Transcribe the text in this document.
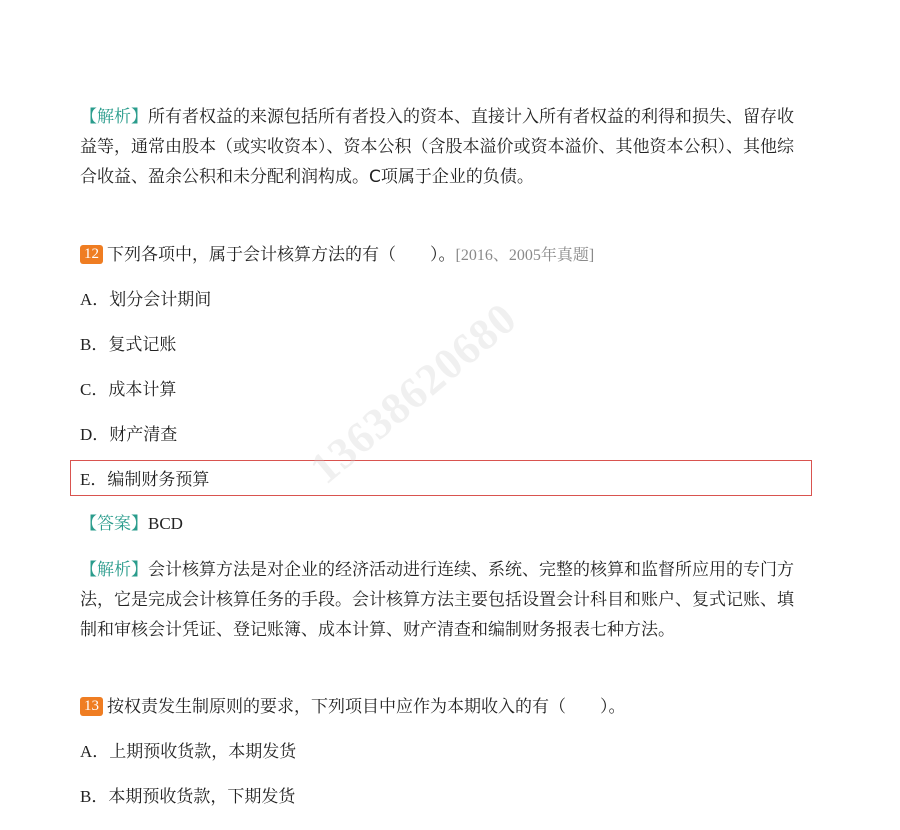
【解析】所有者权益的来源包括所有者投入的资本、直接计入所有者权益的利得和损失、留存收益等，通常由股本（或实收资本）、资本公积（含股本溢价或资本溢价、其他资本公积）、其他综合收益、盈余公积和未分配利润构成。C项属于企业的负债。

12 下列各项中，属于会计核算方法的有（　　）。[2016、2005年真题]
A．划分会计期间
B．复式记账
C．成本计算
D．财产清查
E．编制财务预算
【答案】BCD

【解析】会计核算方法是对企业的经济活动进行连续、系统、完整的核算和监督所应用的专门方法，它是完成会计核算任务的手段。会计核算方法主要包括设置会计科目和账户、复式记账、填制和审核会计凭证、登记账簿、成本计算、财产清查和编制财务报表七种方法。

13 按权责发生制原则的要求，下列项目中应作为本期收入的有（　　）。
A．上期预收货款，本期发货
B．本期预收货款，下期发货
13638620680
